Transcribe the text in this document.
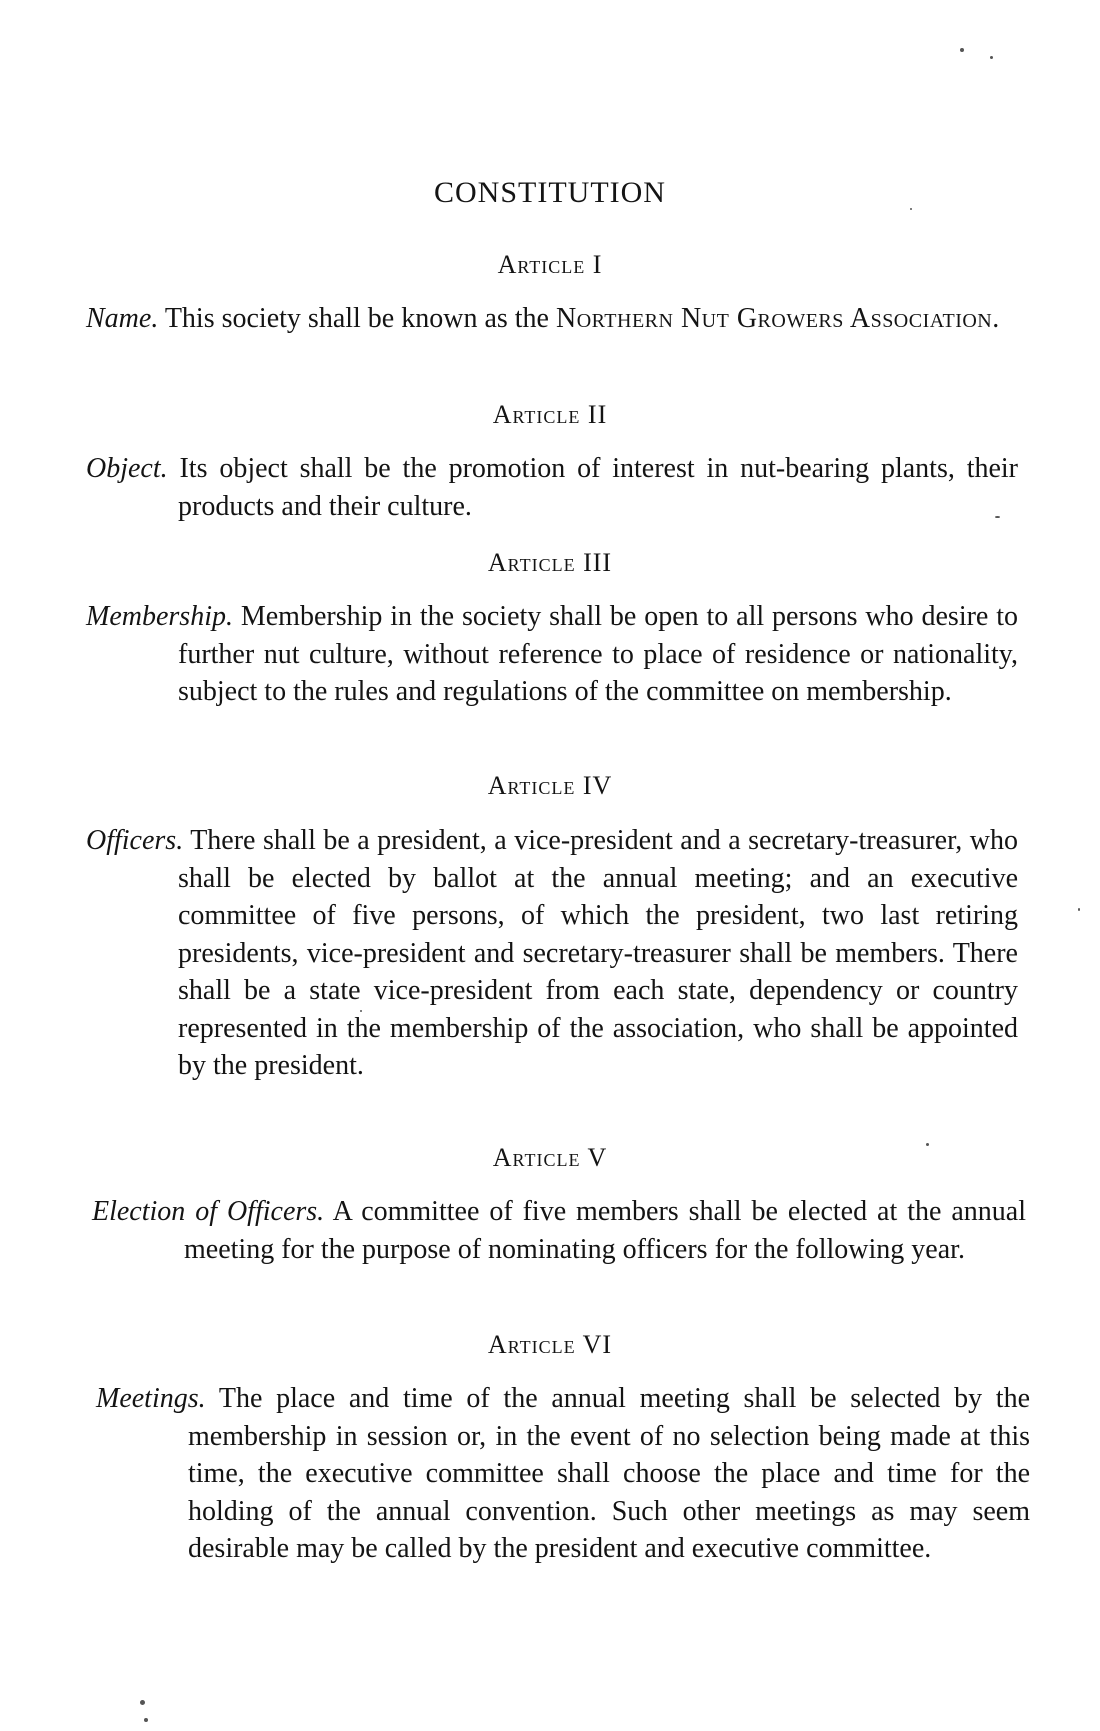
CONSTITUTION
Article I
Name. This society shall be known as the Northern Nut Growers Association.
Article II
Object. Its object shall be the promotion of interest in nut-bearing plants, their products and their culture.
Article III
Membership. Membership in the society shall be open to all persons who desire to further nut culture, without reference to place of residence or nationality, subject to the rules and regulations of the committee on membership.
Article IV
Officers. There shall be a president, a vice-president and a secretary-treasurer, who shall be elected by ballot at the annual meeting; and an executive committee of five persons, of which the president, two last retiring presidents, vice-president and secretary-treasurer shall be members. There shall be a state vice-president from each state, dependency or country represented in the membership of the association, who shall be appointed by the president.
Article V
Election of Officers. A committee of five members shall be elected at the annual meeting for the purpose of nominating officers for the following year.
Article VI
Meetings. The place and time of the annual meeting shall be selected by the membership in session or, in the event of no selection being made at this time, the executive committee shall choose the place and time for the holding of the annual convention. Such other meetings as may seem desirable may be called by the president and executive committee.
